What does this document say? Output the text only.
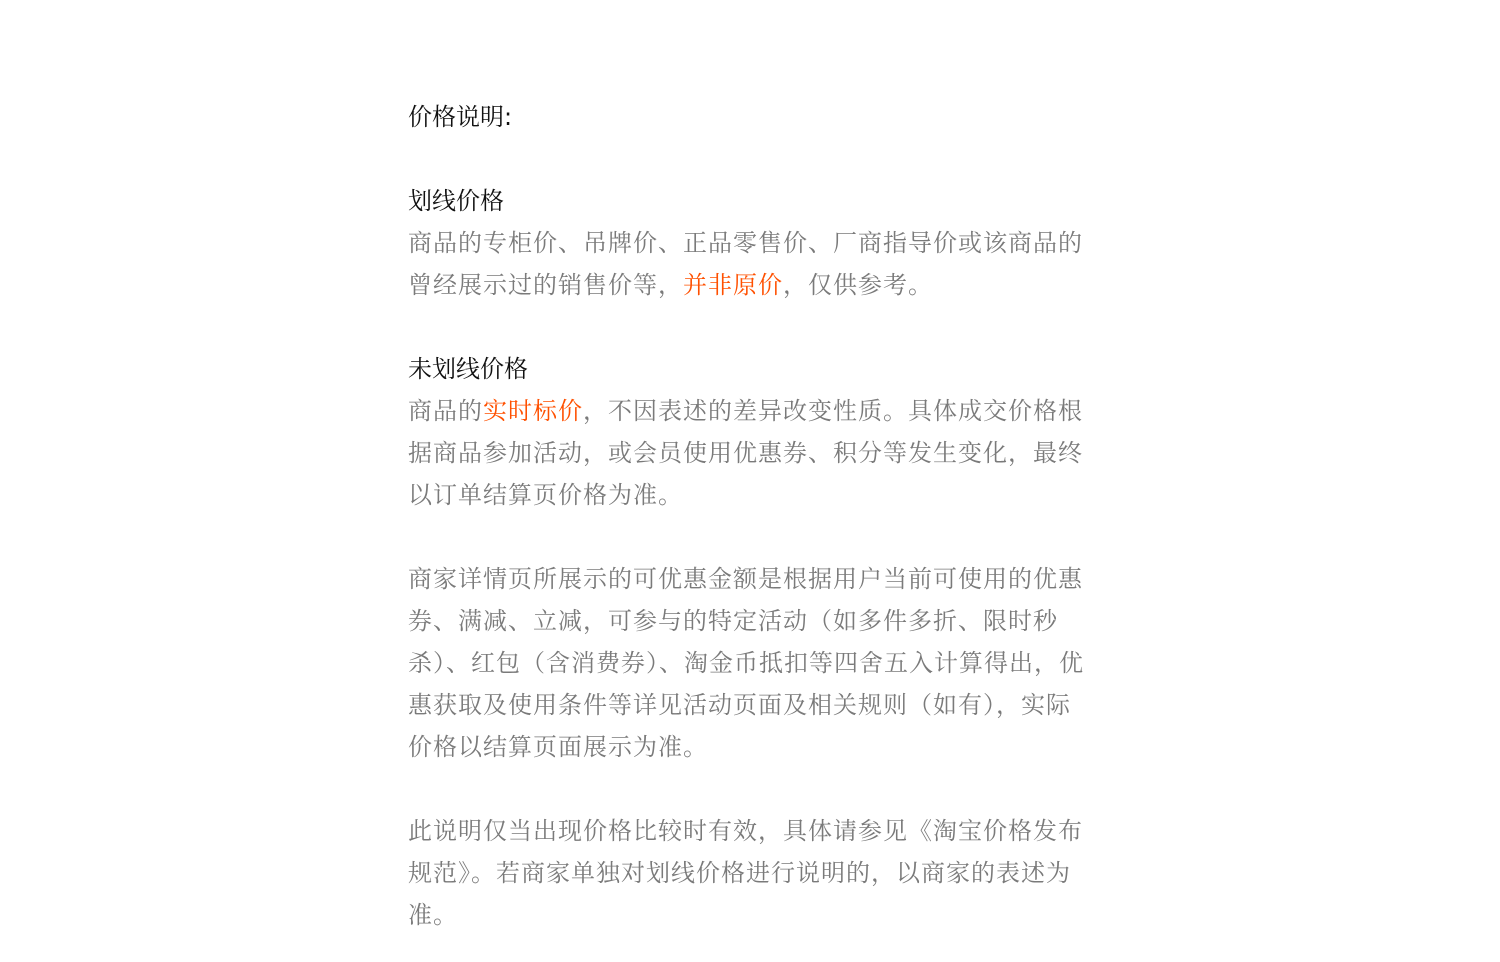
价格说明:

划线价格

商品的专柜价、吊牌价、正品零售价、厂商指导价或该商品的曾经展示过的销售价等，并非原价，仅供参考。

未划线价格

商品的实时标价，不因表述的差异改变性质。具体成交价格根据商品参加活动，或会员使用优惠券、积分等发生变化，最终以订单结算页价格为准。

商家详情页所展示的可优惠金额是根据用户当前可使用的优惠券、满减、立减，可参与的特定活动（如多件多折、限时秒杀）、红包（含消费券）、淘金币抵扣等四舍五入计算得出，优惠获取及使用条件等详见活动页面及相关规则（如有），实际价格以结算页面展示为准。

此说明仅当出现价格比较时有效，具体请参见《淘宝价格发布规范》。若商家单独对划线价格进行说明的，以商家的表述为准。
